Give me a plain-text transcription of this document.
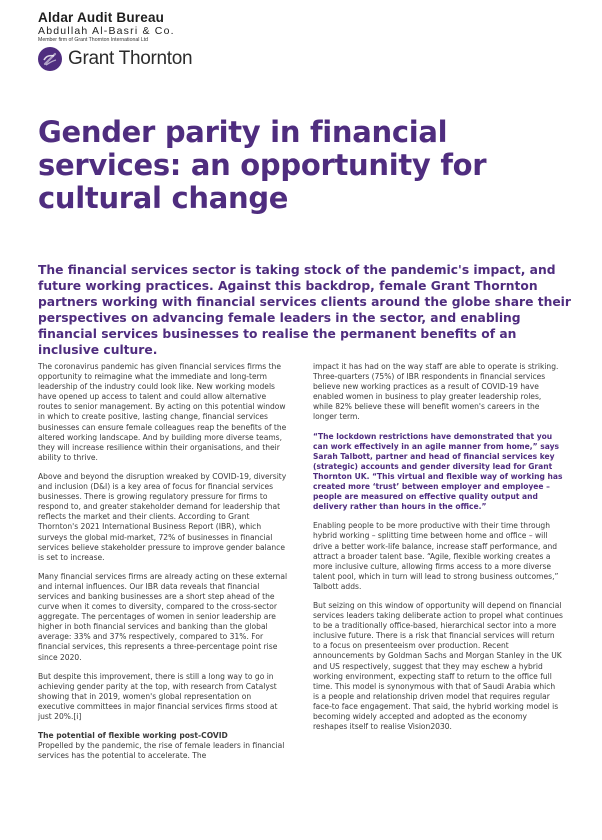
Aldar Audit Bureau
Abdullah Al-Basri & Co.
Member firm of Grant Thornton International Ltd
Grant Thornton
Gender parity in financial services: an opportunity for cultural change

The financial services sector is taking stock of the pandemic's impact, and future working practices. Against this backdrop, female Grant Thornton partners working with financial services clients around the globe share their perspectives on advancing female leaders in the sector, and enabling financial services businesses to realise the permanent benefits of an inclusive culture.

The coronavirus pandemic has given financial services firms the opportunity to reimagine what the immediate and long-term leadership of the industry could look like. New working models have opened up access to talent and could allow alternative routes to senior management. By acting on this potential window in which to create positive, lasting change, financial services businesses can ensure female colleagues reap the benefits of the altered working landscape. And by building more diverse teams, they will increase resilience within their organisations, and their ability to thrive.

Above and beyond the disruption wreaked by COVID-19, diversity and inclusion (D&I) is a key area of focus for financial services businesses. There is growing regulatory pressure for firms to respond to, and greater stakeholder demand for leadership that reflects the market and their clients. According to Grant Thornton's 2021 International Business Report (IBR), which surveys the global mid-market, 72% of businesses in financial services believe stakeholder pressure to improve gender balance is set to increase.

Many financial services firms are already acting on these external and internal influences. Our IBR data reveals that financial services and banking businesses are a short step ahead of the curve when it comes to diversity, compared to the cross-sector aggregate. The percentages of women in senior leadership are higher in both financial services and banking than the global average: 33% and 37% respectively, compared to 31%. For financial services, this represents a three-percentage point rise since 2020.

But despite this improvement, there is still a long way to go in achieving gender parity at the top, with research from Catalyst showing that in 2019, women's global representation on executive committees in major financial services firms stood at just 20%.[i]

The potential of flexible working post-COVID

Propelled by the pandemic, the rise of female leaders in financial services has the potential to accelerate. The

impact it has had on the way staff are able to operate is striking. Three-quarters (75%) of IBR respondents in financial services believe new working practices as a result of COVID-19 have enabled women in business to play greater leadership roles, while 82% believe these will benefit women's careers in the longer term.

“The lockdown restrictions have demonstrated that you can work effectively in an agile manner from home,” says Sarah Talbott, partner and head of financial services key (strategic) accounts and gender diversity lead for Grant Thornton UK. “This virtual and flexible way of working has created more ‘trust’ between employer and employee – people are measured on effective quality output and delivery rather than hours in the office.”

Enabling people to be more productive with their time through hybrid working – splitting time between home and office – will drive a better work-life balance, increase staff performance, and attract a broader talent base. “Agile, flexible working creates a more inclusive culture, allowing firms access to a more diverse talent pool, which in turn will lead to strong business outcomes,” Talbott adds.

But seizing on this window of opportunity will depend on financial services leaders taking deliberate action to propel what continues to be a traditionally office-based, hierarchical sector into a more inclusive future. There is a risk that financial services will return to a focus on presenteeism over production. Recent announcements by Goldman Sachs and Morgan Stanley in the UK and US respectively, suggest that they may eschew a hybrid working environment, expecting staff to return to the office full time. This model is synonymous with that of Saudi Arabia which is a people and relationship driven model that requires regular face-to face engagement. That said, the hybrid working model is becoming widely accepted and adopted as the economy reshapes itself to realise Vision2030.
